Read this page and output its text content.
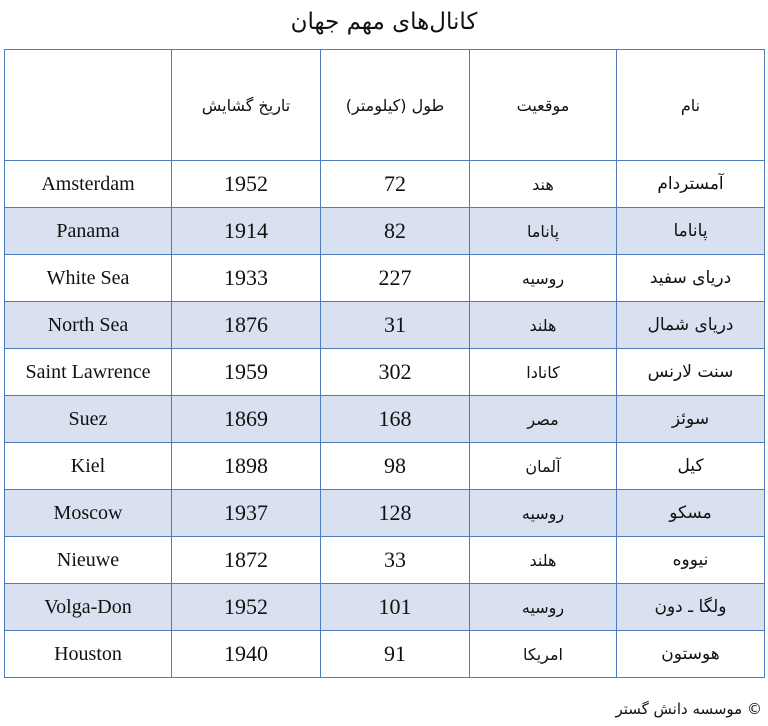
کانال‌های مهم جهان
	تاریخ گشایش	طول (کیلومتر)	موقعیت	نام
Amsterdam	1952	72	هند	آمستردام
Panama	1914	82	پاناما	پاناما
White Sea	1933	227	روسیه	دریای سفید
North Sea	1876	31	هلند	دریای شمال
Saint Lawrence	1959	302	کانادا	سنت لارنس
Suez	1869	168	مصر	سوئز
Kiel	1898	98	آلمان	کیل
Moscow	1937	128	روسیه	مسکو
Nieuwe	1872	33	هلند	نیووه
Volga-Don	1952	101	روسیه	ولگا ـ دون
Houston	1940	91	امریکا	هوستون
© موسسه دانش گستر
